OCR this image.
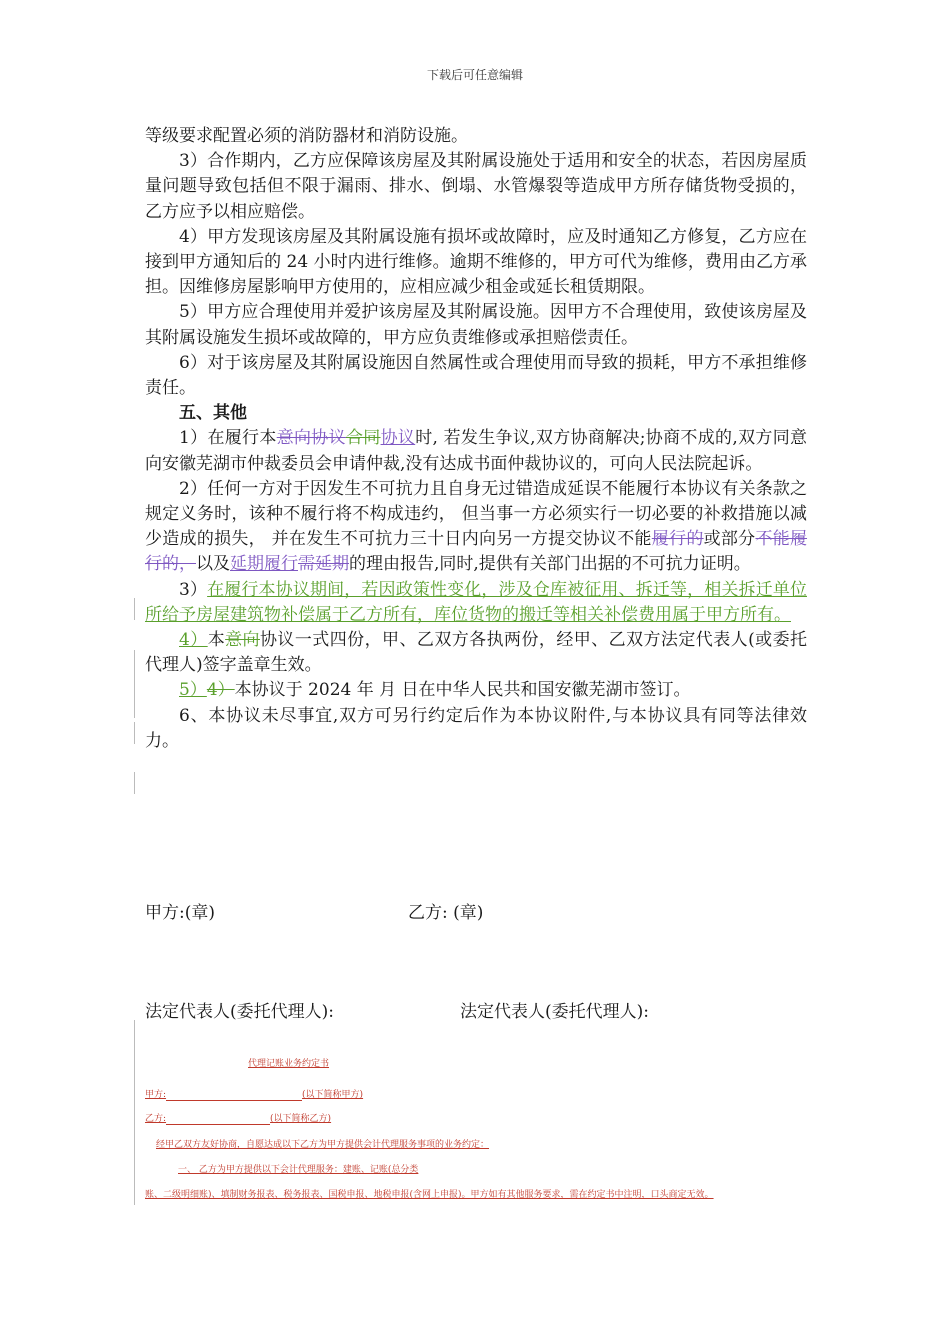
下载后可任意编辑

等级要求配置必须的消防器材和消防设施。

3）合作期内，乙方应保障该房屋及其附属设施处于适用和安全的状态，若因房屋质量问题导致包括但不限于漏雨、排水、倒塌、水管爆裂等造成甲方所存储货物受损的，乙方应予以相应赔偿。

4）甲方发现该房屋及其附属设施有损坏或故障时，应及时通知乙方修复，乙方应在接到甲方通知后的 24 小时内进行维修。逾期不维修的，甲方可代为维修，费用由乙方承担。因维修房屋影响甲方使用的，应相应减少租金或延长租赁期限。

5）甲方应合理使用并爱护该房屋及其附属设施。因甲方不合理使用，致使该房屋及其附属设施发生损坏或故障的，甲方应负责维修或承担赔偿责任。

6）对于该房屋及其附属设施因自然属性或合理使用而导致的损耗，甲方不承担维修责任。

五、其他

1）在履行本意向协议合同协议时, 若发生争议,双方协商解决;协商不成的,双方同意向安徽芜湖市仲裁委员会申请仲裁,没有达成书面仲裁协议的，可向人民法院起诉。

2）任何一方对于因发生不可抗力且自身无过错造成延误不能履行本协议有关条款之规定义务时，该种不履行将不构成违约， 但当事一方必须实行一切必要的补救措施以减少造成的损失， 并在发生不可抗力三十日内向另一方提交协议不能履行的或部分不能履行的，以及延期履行需延期的理由报告,同时,提供有关部门出据的不可抗力证明。

3）在履行本协议期间，若因政策性变化，涉及仓库被征用、拆迁等，相关拆迁单位所给予房屋建筑物补偿属于乙方所有，库位货物的搬迁等相关补偿费用属于甲方所有。

4）本意向协议一式四份，甲、乙双方各执两份，经甲、乙双方法定代表人(或委托代理人)签字盖章生效。

5）4）本协议于 2024 年 月 日在中华人民共和国安徽芜湖市签订。

6、本协议未尽事宜,双方可另行约定后作为本协议附件,与本协议具有同等法律效力。

甲方:(章)	乙方: (章)
法定代表人(委托代理人):	法定代表人(委托代理人):
代理记账业务约定书
甲方:	(以下简称甲方)
乙方:	(以下简称乙方)
经甲乙双方友好协商，自愿达成以下乙方为甲方提供会计代理服务事项的业务约定：
一、 乙方为甲方提供以下会计代理服务：建账、记账(总分类
账、二级明细账)、填制财务报表、税务报表、国税申报、地税申报(含网上申报)。甲方如有其他服务要求，需在约定书中注明，口头商定无效。
